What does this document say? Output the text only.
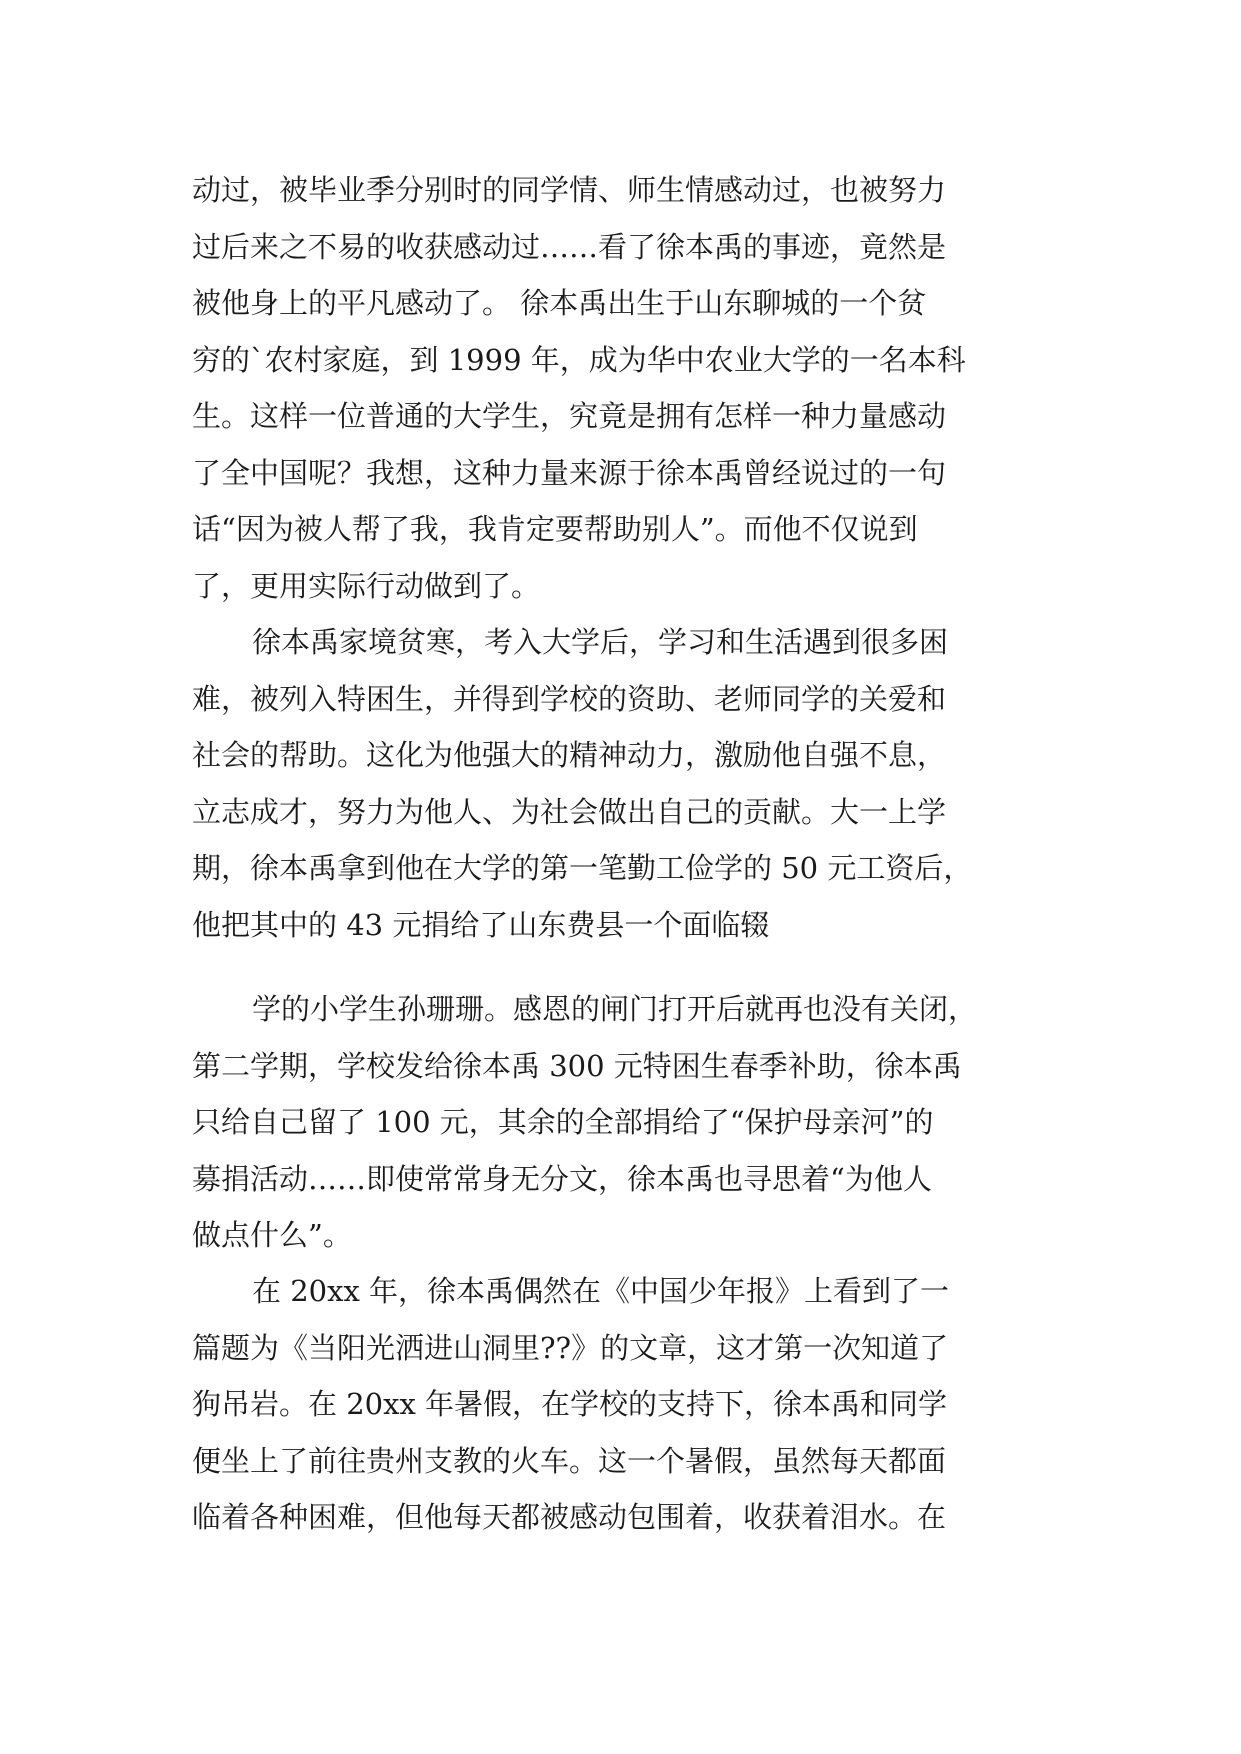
动过，被毕业季分别时的同学情、师生情感动过，也被努力
过后来之不易的收获感动过……看了徐本禹的事迹，竟然是
被他身上的平凡感动了。 徐本禹出生于山东聊城的一个贫
穷的`农村家庭，到 1999 年，成为华中农业大学的一名本科
生。这样一位普通的大学生，究竟是拥有怎样一种力量感动
了全中国呢？我想，这种力量来源于徐本禹曾经说过的一句
话“因为被人帮了我，我肯定要帮助别人”。而他不仅说到
了，更用实际行动做到了。
徐本禹家境贫寒，考入大学后，学习和生活遇到很多困
难，被列入特困生，并得到学校的资助、老师同学的关爱和
社会的帮助。这化为他强大的精神动力，激励他自强不息，
立志成才，努力为他人、为社会做出自己的贡献。大一上学
期，徐本禹拿到他在大学的第一笔勤工俭学的 50 元工资后，
他把其中的 43 元捐给了山东费县一个面临辍
学的小学生孙珊珊。感恩的闸门打开后就再也没有关闭，
第二学期，学校发给徐本禹 300 元特困生春季补助，徐本禹
只给自己留了 100 元，其余的全部捐给了“保护母亲河”的
募捐活动……即使常常身无分文，徐本禹也寻思着“为他人
做点什么”。
在 20xx 年，徐本禹偶然在《中国少年报》上看到了一
篇题为《当阳光洒进山洞里??》的文章，这才第一次知道了
狗吊岩。在 20xx 年暑假，在学校的支持下，徐本禹和同学
便坐上了前往贵州支教的火车。这一个暑假，虽然每天都面
临着各种困难，但他每天都被感动包围着，收获着泪水。在
